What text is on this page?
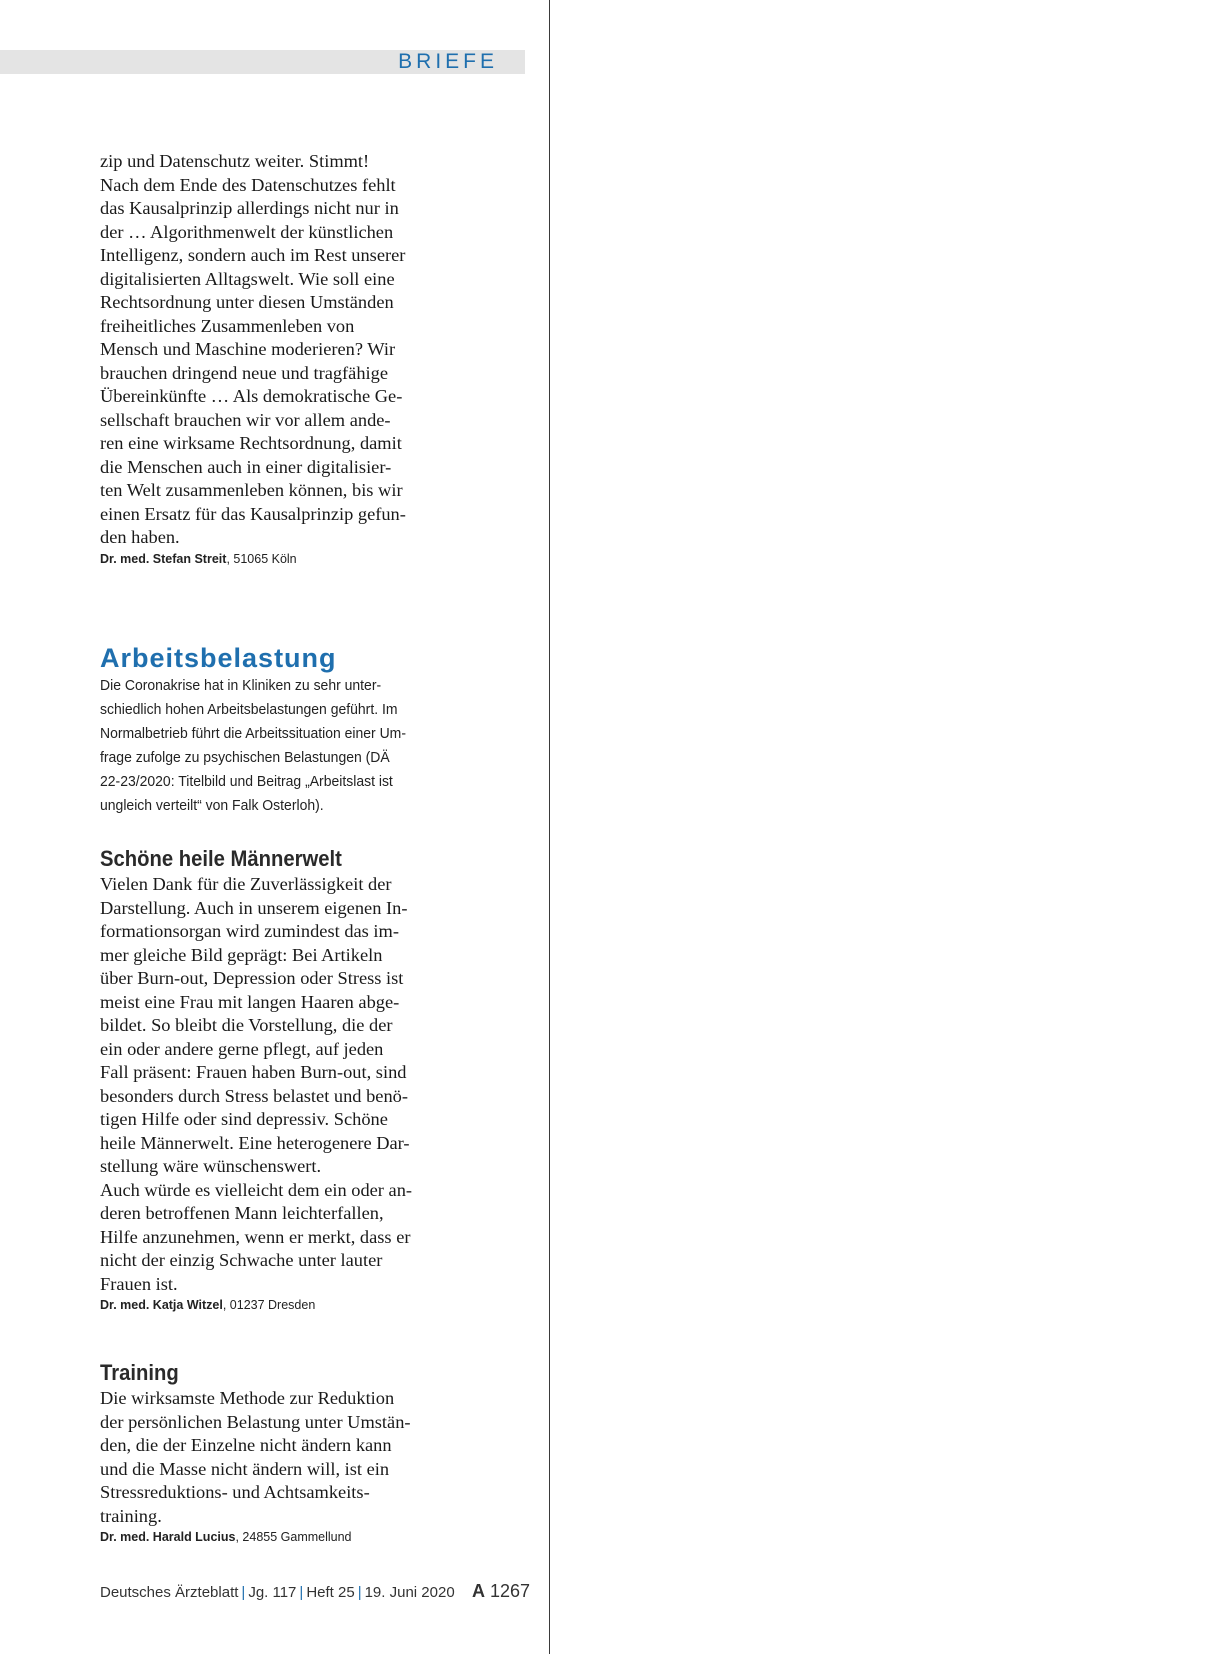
BRIEFE

zip und Datenschutz weiter. Stimmt!
Nach dem Ende des Datenschutzes fehlt
das Kausalprinzip allerdings nicht nur in
der … Algorithmenwelt der künstlichen
Intelligenz, sondern auch im Rest unserer
digitalisierten Alltagswelt. Wie soll eine
Rechtsordnung unter diesen Umständen
freiheitliches Zusammenleben von
Mensch und Maschine moderieren? Wir
brauchen dringend neue und tragfähige
Übereinkünfte … Als demokratische Ge-
sellschaft brauchen wir vor allem ande-
ren eine wirksame Rechtsordnung, damit
die Menschen auch in einer digitalisier-
ten Welt zusammenleben können, bis wir
einen Ersatz für das Kausalprinzip gefun-
den haben.

Dr. med. Stefan Streit, 51065 Köln

Arbeitsbelastung

Die Coronakrise hat in Kliniken zu sehr unter-
schiedlich hohen Arbeitsbelastungen geführt. Im
Normalbetrieb führt die Arbeitssituation einer Um-
frage zufolge zu psychischen Belastungen (DÄ
22-23/2020: Titelbild und Beitrag „Arbeitslast ist
ungleich verteilt“ von Falk Osterloh).

Schöne heile Männerwelt

Vielen Dank für die Zuverlässigkeit der
Darstellung. Auch in unserem eigenen In-
formationsorgan wird zumindest das im-
mer gleiche Bild geprägt: Bei Artikeln
über Burn-out, Depression oder Stress ist
meist eine Frau mit langen Haaren abge-
bildet. So bleibt die Vorstellung, die der
ein oder andere gerne pflegt, auf jeden
Fall präsent: Frauen haben Burn-out, sind
besonders durch Stress belastet und benö-
tigen Hilfe oder sind depressiv. Schöne
heile Männerwelt. Eine heterogenere Dar-
stellung wäre wünschenswert.
Auch würde es vielleicht dem ein oder an-
deren betroffenen Mann leichterfallen,
Hilfe anzunehmen, wenn er merkt, dass er
nicht der einzig Schwache unter lauter
Frauen ist.

Dr. med. Katja Witzel, 01237 Dresden

Training

Die wirksamste Methode zur Reduktion
der persönlichen Belastung unter Umstän-
den, die der Einzelne nicht ändern kann
und die Masse nicht ändern will, ist ein
Stressreduktions- und Achtsamkeits-
training.

Dr. med. Harald Lucius, 24855 Gammellund

Deutsches Ärzteblatt | Jg. 117 | Heft 25 | 19. Juni 2020 A 1267
